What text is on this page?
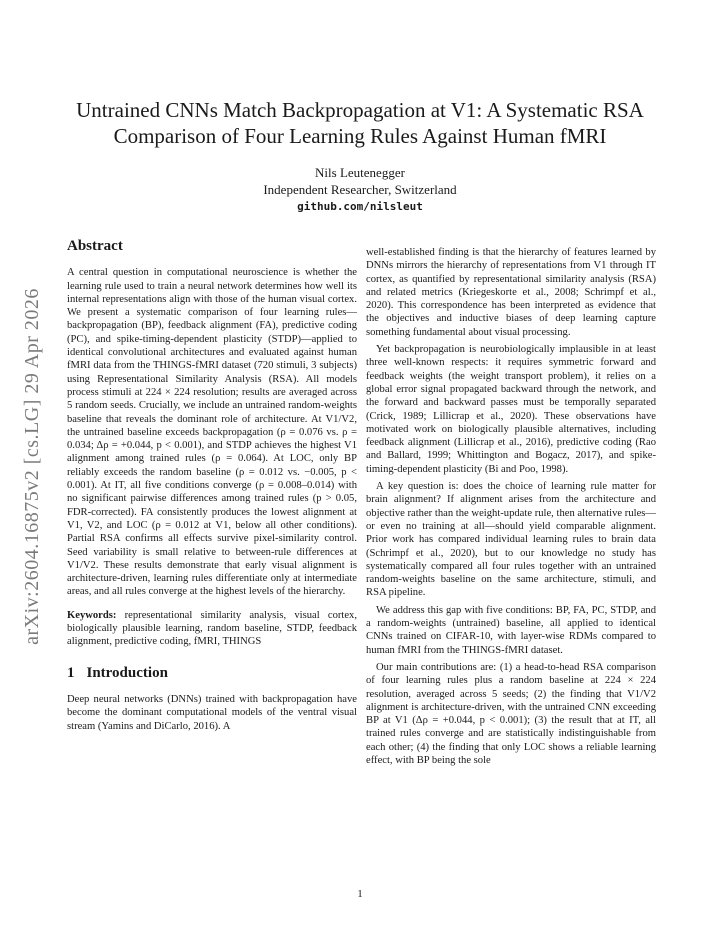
arXiv:2604.16875v2 [cs.LG] 29 Apr 2026
Untrained CNNs Match Backpropagation at V1: A Systematic RSA
Comparison of Four Learning Rules Against Human fMRI
Nils Leutenegger
Independent Researcher, Switzerland
github.com/nilsleut
Abstract

A central question in computational neuroscience is whether the learning rule used to train a neural network determines how well its internal representations align with those of the human visual cortex. We present a systematic comparison of four learning rules—backpropagation (BP), feedback alignment (FA), predictive coding (PC), and spike-timing-dependent plasticity (STDP)—applied to identical convolutional architectures and evaluated against human fMRI data from the THINGS-fMRI dataset (720 stimuli, 3 subjects) using Representational Similarity Analysis (RSA). All models process stimuli at 224 × 224 resolution; results are averaged across 5 random seeds. Crucially, we include an untrained random-weights baseline that reveals the dominant role of architecture. At V1/V2, the untrained baseline exceeds backpropagation (ρ = 0.076 vs. ρ = 0.034; Δρ = +0.044, p < 0.001), and STDP achieves the highest V1 alignment among trained rules (ρ = 0.064). At LOC, only BP reliably exceeds the random baseline (ρ = 0.012 vs. −0.005, p < 0.001). At IT, all five conditions converge (ρ = 0.008–0.014) with no significant pairwise differences among trained rules (p > 0.05, FDR-corrected). FA consistently produces the lowest alignment at V1, V2, and LOC (ρ = 0.012 at V1, below all other conditions). Partial RSA confirms all effects survive pixel-similarity control. Seed variability is small relative to between-rule differences at V1/V2. These results demonstrate that early visual alignment is architecture-driven, learning rules differentiate only at intermediate areas, and all rules converge at the highest levels of the hierarchy.

Keywords: representational similarity analysis, visual cortex, biologically plausible learning, random baseline, STDP, feedback alignment, predictive coding, fMRI, THINGS

1 Introduction

Deep neural networks (DNNs) trained with backpropagation have become the dominant computational models of the ventral visual stream (Yamins and DiCarlo, 2016). A

well-established finding is that the hierarchy of features learned by DNNs mirrors the hierarchy of representations from V1 through IT cortex, as quantified by representational similarity analysis (RSA) and related metrics (Kriegeskorte et al., 2008; Schrimpf et al., 2020). This correspondence has been interpreted as evidence that the objectives and inductive biases of deep learning capture something fundamental about visual processing.

Yet backpropagation is neurobiologically implausible in at least three well-known respects: it requires symmetric forward and feedback weights (the weight transport problem), it relies on a global error signal propagated backward through the network, and the forward and backward passes must be temporally separated (Crick, 1989; Lillicrap et al., 2020). These observations have motivated work on biologically plausible alternatives, including feedback alignment (Lillicrap et al., 2016), predictive coding (Rao and Ballard, 1999; Whittington and Bogacz, 2017), and spike-timing-dependent plasticity (Bi and Poo, 1998).

A key question is: does the choice of learning rule matter for brain alignment? If alignment arises from the architecture and objective rather than the weight-update rule, then alternative rules—or even no training at all—should yield comparable alignment. Prior work has compared individual learning rules to brain data (Schrimpf et al., 2020), but to our knowledge no study has systematically compared all four rules together with an untrained random-weights baseline on the same architecture, stimuli, and RSA pipeline.

We address this gap with five conditions: BP, FA, PC, STDP, and a random-weights (untrained) baseline, all applied to identical CNNs trained on CIFAR-10, with layer-wise RDMs compared to human fMRI from the THINGS-fMRI dataset.

Our main contributions are: (1) a head-to-head RSA comparison of four learning rules plus a random baseline at 224 × 224 resolution, averaged across 5 seeds; (2) the finding that V1/V2 alignment is architecture-driven, with the untrained CNN exceeding BP at V1 (Δρ = +0.044, p < 0.001); (3) the result that at IT, all trained rules converge and are statistically indistinguishable from each other; (4) the finding that only LOC shows a reliable learning effect, with BP being the sole

1
